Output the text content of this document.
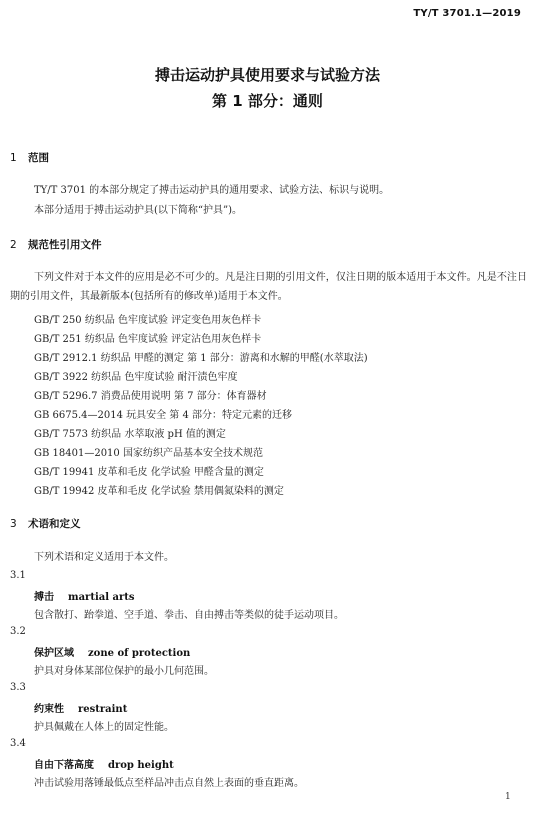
TY/T 3701.1—2019
搏击运动护具使用要求与试验方法
第 1 部分：通则
1 范围
TY/T 3701 的本部分规定了搏击运动护具的通用要求、试验方法、标识与说明。
本部分适用于搏击运动护具(以下简称“护具”)。
2 规范性引用文件
下列文件对于本文件的应用是必不可少的。凡是注日期的引用文件，仅注日期的版本适用于本文件。凡是不注日期的引用文件，其最新版本(包括所有的修改单)适用于本文件。
GB/T 250 纺织品 色牢度试验 评定变色用灰色样卡
GB/T 251 纺织品 色牢度试验 评定沾色用灰色样卡
GB/T 2912.1 纺织品 甲醛的测定 第 1 部分：游离和水解的甲醛(水萃取法)
GB/T 3922 纺织品 色牢度试验 耐汗渍色牢度
GB/T 5296.7 消费品使用说明 第 7 部分：体育器材
GB 6675.4—2014 玩具安全 第 4 部分：特定元素的迁移
GB/T 7573 纺织品 水萃取液 pH 值的测定
GB 18401—2010 国家纺织产品基本安全技术规范
GB/T 19941 皮革和毛皮 化学试验 甲醛含量的测定
GB/T 19942 皮革和毛皮 化学试验 禁用偶氮染料的测定
3 术语和定义
下列术语和定义适用于本文件。
3.1
搏击 martial arts
包含散打、跆拳道、空手道、拳击、自由搏击等类似的徒手运动项目。
3.2
保护区域 zone of protection
护具对身体某部位保护的最小几何范围。
3.3
约束性 restraint
护具佩戴在人体上的固定性能。
3.4
自由下落高度 drop height
冲击试验用落锤最低点至样品冲击点自然上表面的垂直距离。
1
